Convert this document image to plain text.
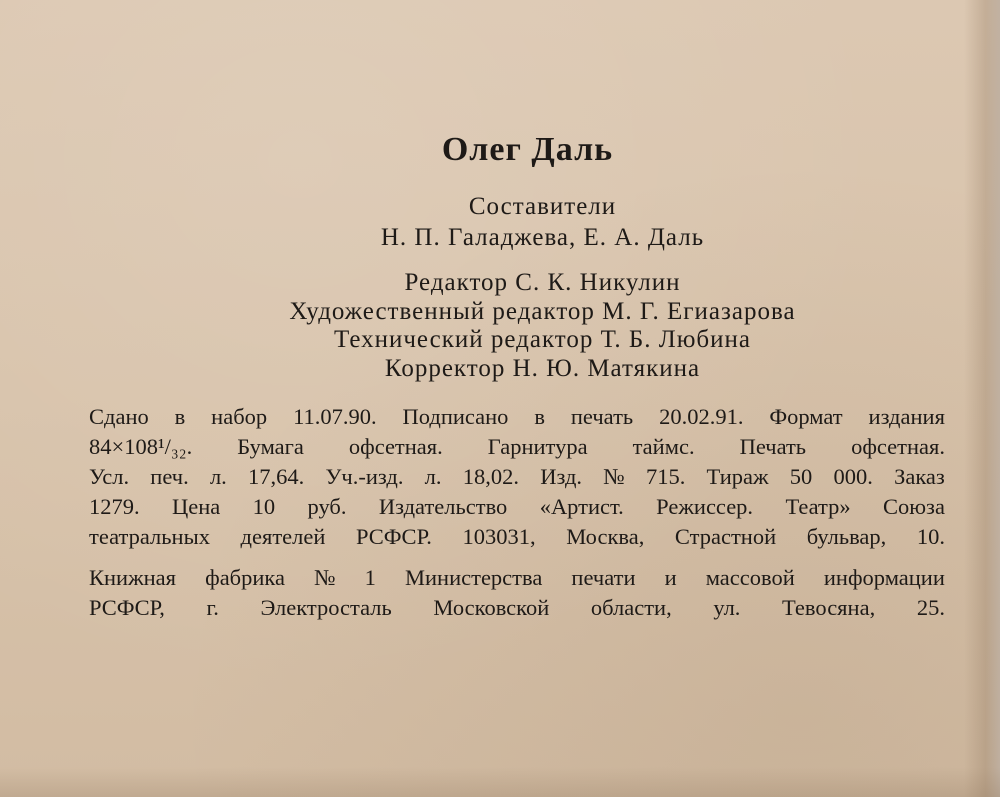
Олег Даль
Составители
Н. П. Галаджева, Е. А. Даль
Редактор С. К. Никулин
Художественный редактор М. Г. Егиазарова
Технический редактор Т. Б. Любина
Корректор Н. Ю. Матякина
Сдано в набор 11.07.90. Подписано в печать 20.02.91. Формат издания
84×108¹/₃₂. Бумага офсетная. Гарнитура таймс. Печать офсетная.
Усл. печ. л. 17,64. Уч.-изд. л. 18,02. Изд. № 715. Тираж 50 000. Заказ
1279. Цена 10 руб. Издательство «Артист. Режиссер. Театр» Союза
театральных деятелей РСФСР. 103031, Москва, Страстной бульвар, 10.
Книжная фабрика № 1 Министерства печати и массовой информации
РСФСР, г. Электросталь Московской области, ул. Тевосяна, 25.
